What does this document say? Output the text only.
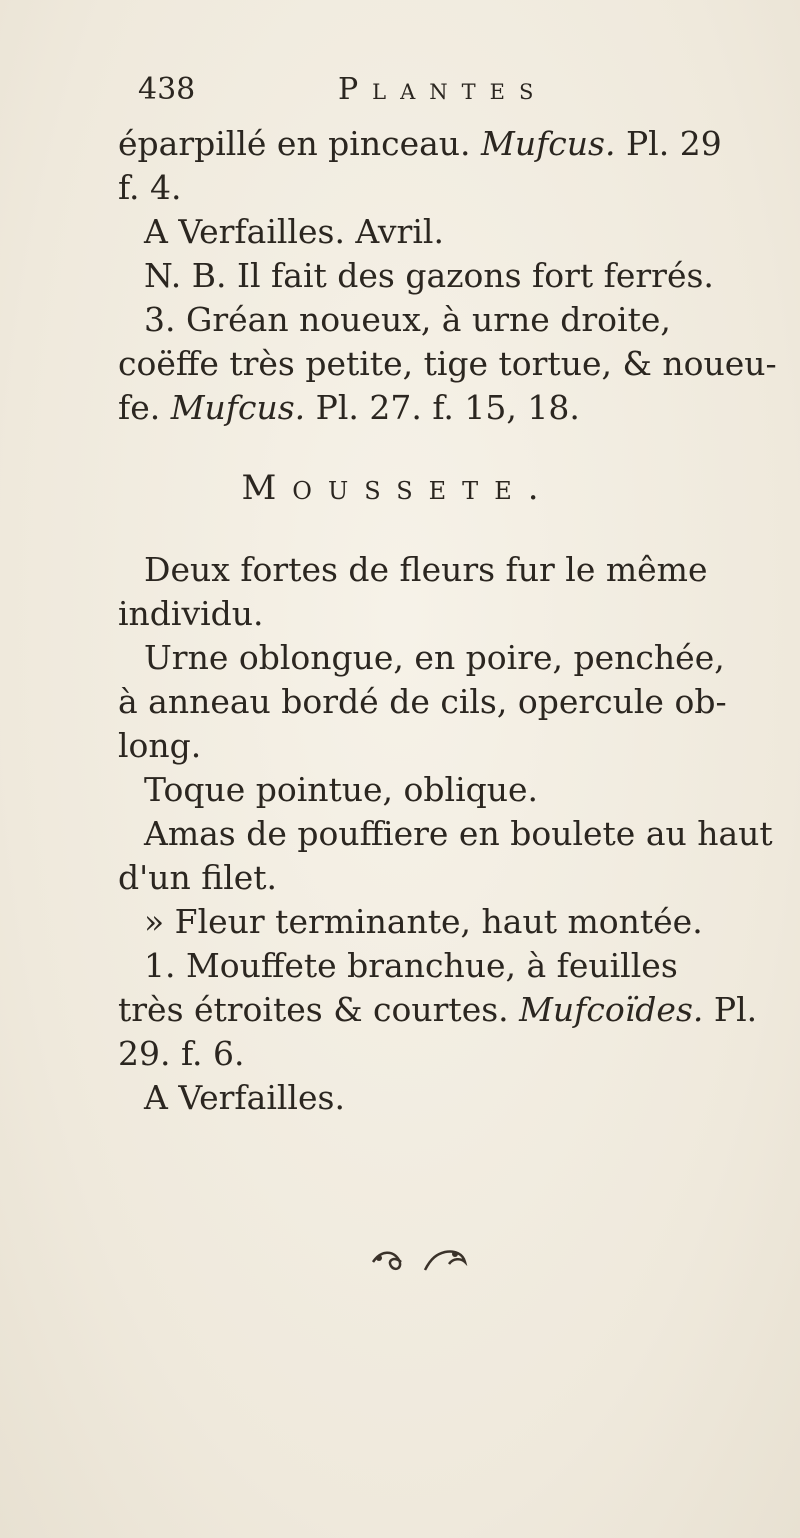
438	Plantes
éparpillé en pinceau. Mufcus. Pl. 29
f. 4.
A Verfailles. Avril.
N. B. Il fait des gazons fort ferrés.
3. Gréan noueux, à urne droite,
coëffe très petite, tige tortue, & noueu-
fe. Mufcus. Pl. 27. f. 15, 18.
Moussete.
Deux fortes de fleurs fur le même
individu.
Urne oblongue, en poire, penchée,
à anneau bordé de cils, opercule ob-
long.
Toque pointue, oblique.
Amas de pouffiere en boulete au haut
d'un filet.
» Fleur terminante, haut montée.
1. Mouffete branchue, à feuilles
très étroites & courtes. Mufcoïdes. Pl.
29. f. 6.
A Verfailles.
